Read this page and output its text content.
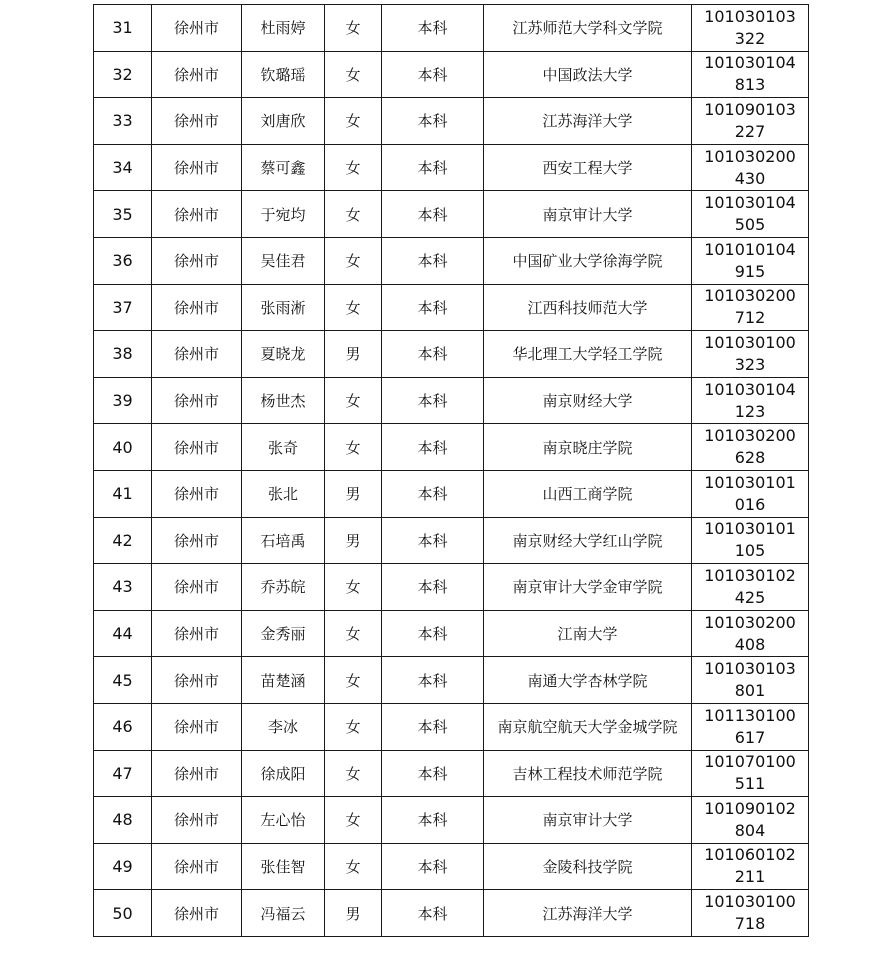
31	徐州市	杜雨婷	女	本科	江苏师范大学科文学院	101030103
322

32	徐州市	钦璐瑶	女	本科	中国政法大学	101030104
813

33	徐州市	刘唐欣	女	本科	江苏海洋大学	101090103
227

34	徐州市	蔡可鑫	女	本科	西安工程大学	101030200
430

35	徐州市	于宛均	女	本科	南京审计大学	101030104
505

36	徐州市	吴佳君	女	本科	中国矿业大学徐海学院	101010104
915

37	徐州市	张雨淅	女	本科	江西科技师范大学	101030200
712

38	徐州市	夏晓龙	男	本科	华北理工大学轻工学院	101030100
323

39	徐州市	杨世杰	女	本科	南京财经大学	101030104
123

40	徐州市	张奇	女	本科	南京晓庄学院	101030200
628

41	徐州市	张北	男	本科	山西工商学院	101030101
016

42	徐州市	石培禹	男	本科	南京财经大学红山学院	101030101
105

43	徐州市	乔苏皖	女	本科	南京审计大学金审学院	101030102
425

44	徐州市	金秀丽	女	本科	江南大学	101030200
408

45	徐州市	苗楚涵	女	本科	南通大学杏林学院	101030103
801

46	徐州市	李冰	女	本科	南京航空航天大学金城学院	101130100
617

47	徐州市	徐成阳	女	本科	吉林工程技术师范学院	101070100
511

48	徐州市	左心怡	女	本科	南京审计大学	101090102
804

49	徐州市	张佳智	女	本科	金陵科技学院	101060102
211

50	徐州市	冯福云	男	本科	江苏海洋大学	101030100
718
